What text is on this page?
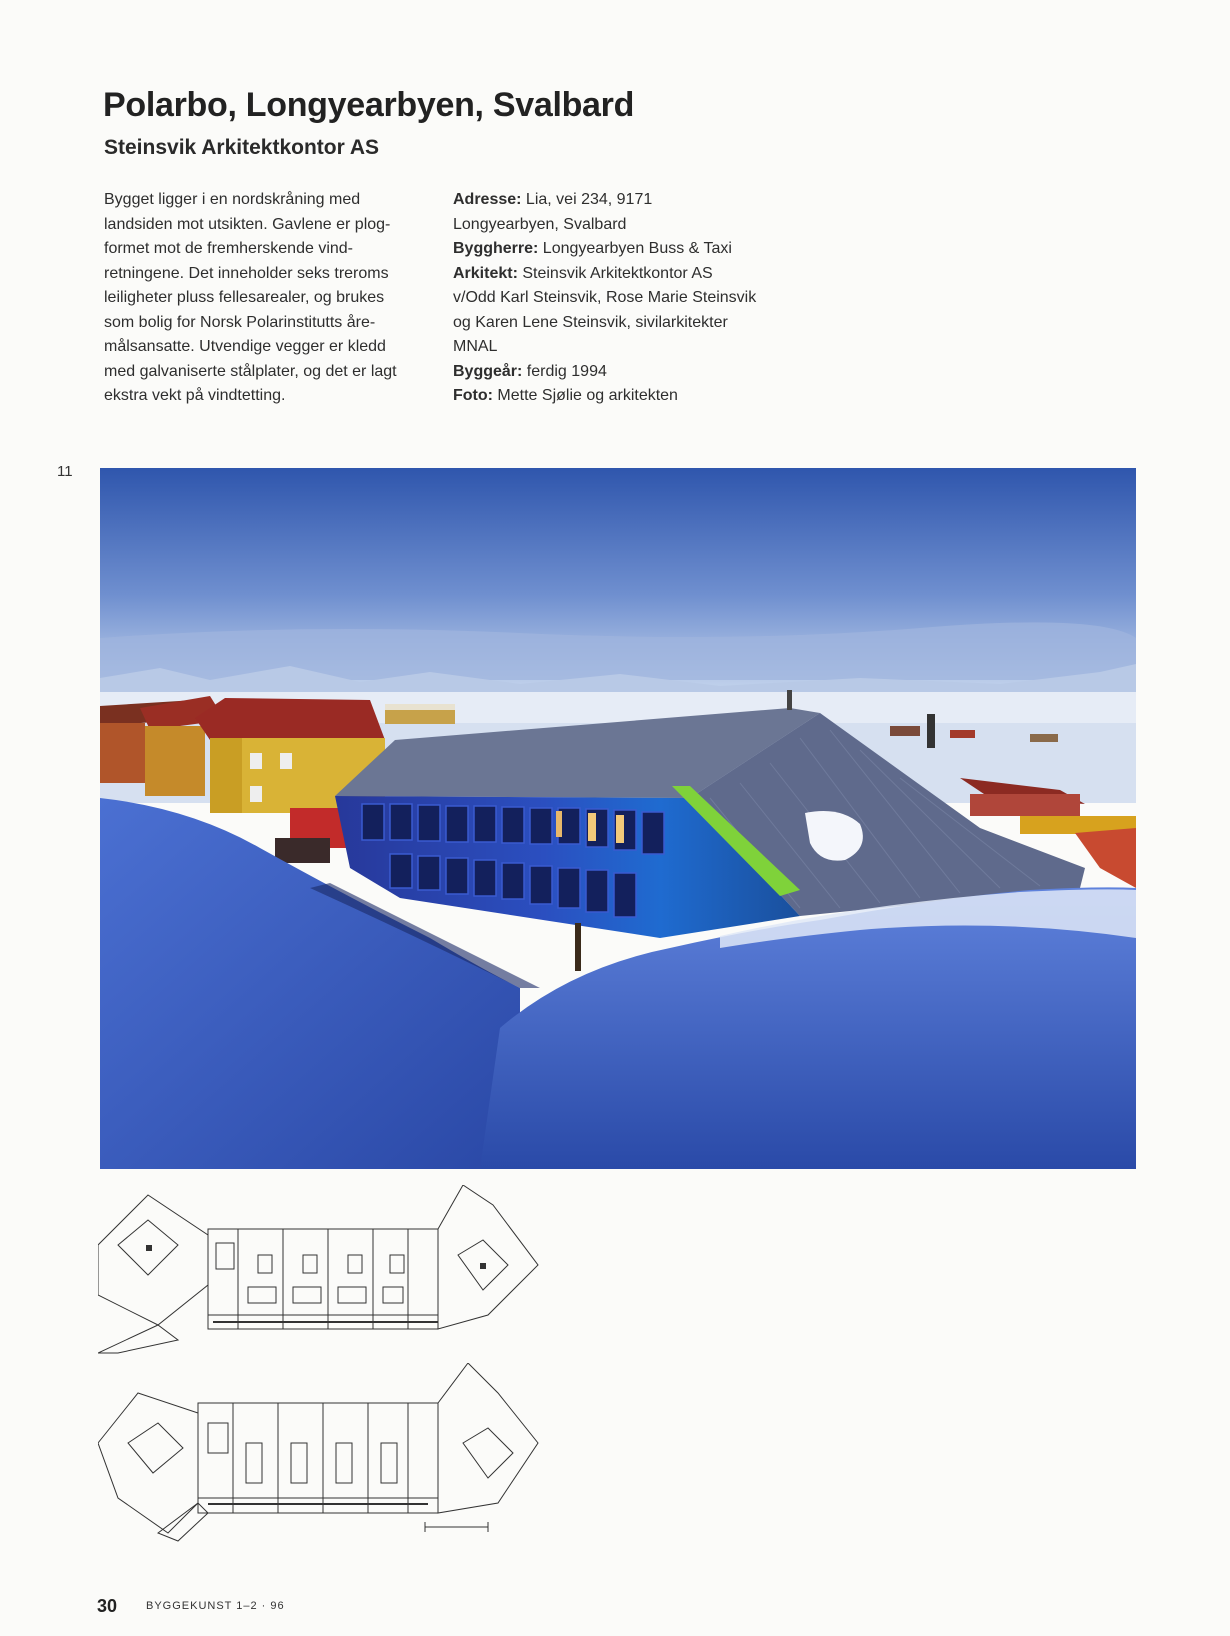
Polarbo, Longyearbyen, Svalbard
Steinsvik Arkitektkontor AS
Bygget ligger i en nordskråning med
landsiden mot utsikten. Gavlene er plog-
formet mot de fremherskende vind-
retningene. Det inneholder seks treroms
leiligheter pluss fellesarealer, og brukes
som bolig for Norsk Polarinstitutts åre-
målsansatte. Utvendige vegger er kledd
med galvaniserte stålplater, og det er lagt
ekstra vekt på vindtetting.
Adresse: Lia, vei 234, 9171
Longyearbyen, Svalbard
Byggherre: Longyearbyen Buss & Taxi
Arkitekt: Steinsvik Arkitektkontor AS
v/Odd Karl Steinsvik, Rose Marie Steinsvik
og Karen Lene Steinsvik, sivilarkitekter
MNAL
Byggeår: ferdig 1994
Foto: Mette Sjølie og arkitekten
11
30	BYGGEKUNST 1–2 · 96
